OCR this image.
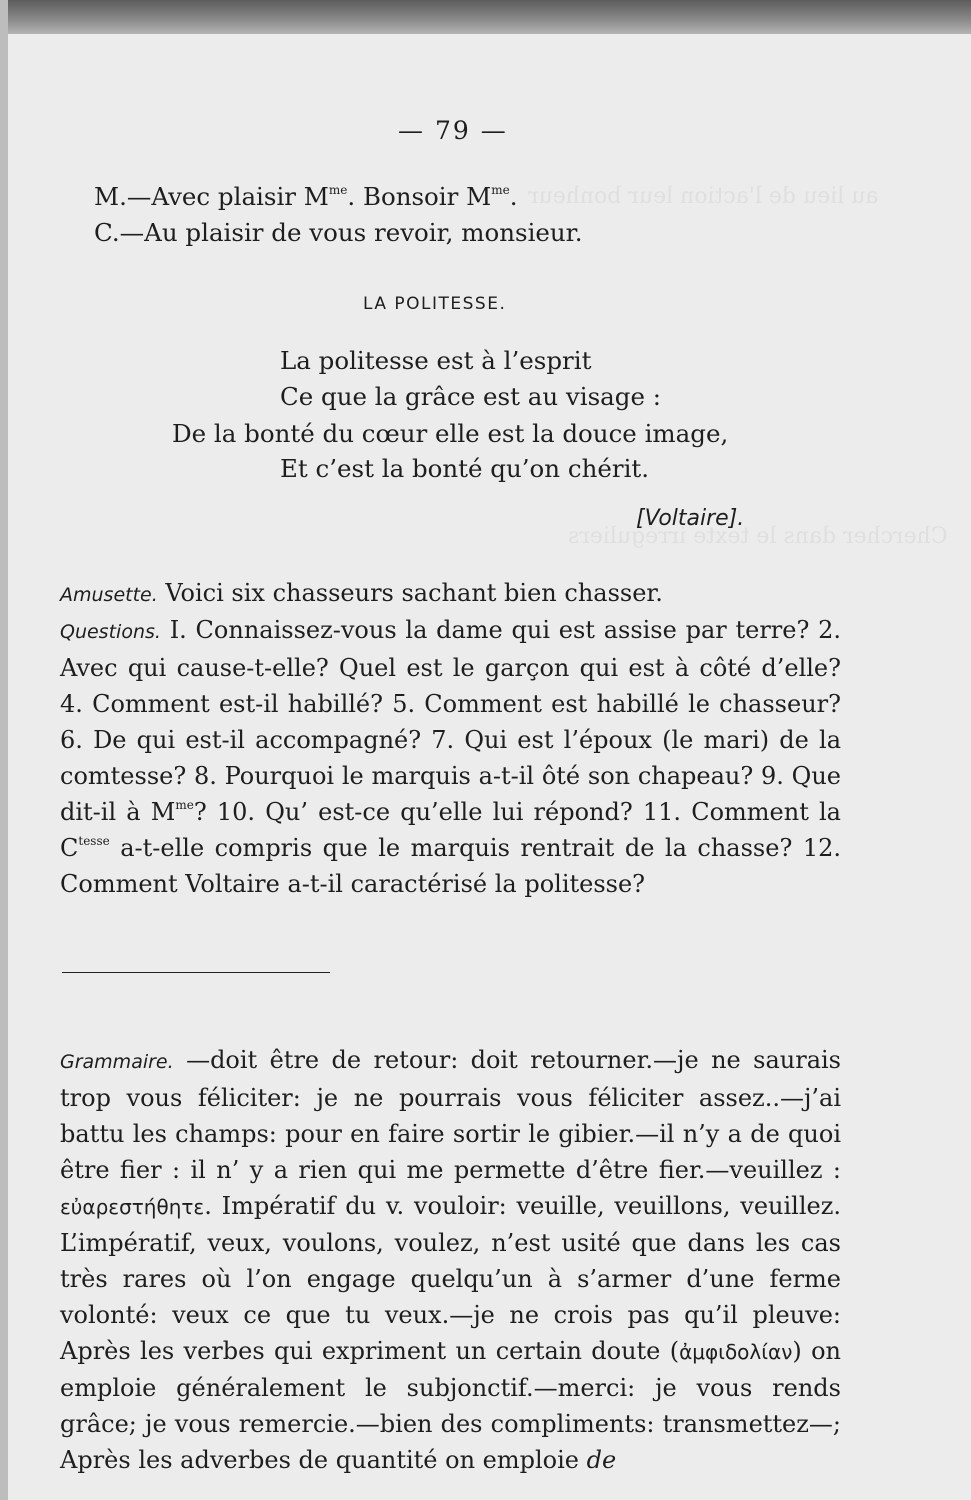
au lieu de l'action leur bonheur
Chercher dans le texte irréguliers
— 79 —
M.—Avec plaisir $M^{me}$. Bonsoir $M^{me}$.
C.—Au plaisir de vous revoir, monsieur.
LA POLITESSE.
La politesse est à l’esprit
Ce que la grâce est au visage :
De la bonté du cœur elle est la douce image,
Et c’est la bonté qu’on chérit.
[Voltaire].
Amusette. Voici six chasseurs sachant bien chasser.
Questions. I. Connaissez-vous la dame qui est assise par terre? 2. Avec qui cause-t-elle? Quel est le garçon qui est à côté d’elle? 4. Comment est-il habillé? 5. Comment est habillé le chasseur? 6. De qui est-il accompagné? 7. Qui est l’époux (le mari) de la comtesse? 8. Pourquoi le marquis a-t-il ôté son chapeau? 9. Que dit-il à $M^{me}$? 10. Qu’ est-ce qu’elle lui répond? 11. Comment la $C^{tesse}$ a-t-elle compris que le marquis rentrait de la chasse? 12. Comment Voltaire a-t-il caractérisé la politesse?
Grammaire. —doit être de retour: doit retourner.—je ne saurais trop vous féliciter: je ne pourrais vous féliciter assez..—j’ai battu les champs: pour en faire sortir le gibier.—il n’y a de quoi être fier : il n’ y a rien qui me permette d’être fier.—veuillez : εὐαρεστήθητε. Impératif du v. vouloir: veuille, veuillons, veuillez. L’impératif, veux, voulons, voulez, n’est usité que dans les cas très rares où l’on engage quelqu’un à s’armer d’une ferme volonté: veux ce que tu veux.—je ne crois pas qu’il pleuve: Après les verbes qui expriment un certain doute (ἀμφιδολίαν) on emploie généralement le subjonctif.—merci: je vous rends grâce; je vous remercie.—bien des compliments: transmettez—; Après les adverbes de quantité on emploie de
